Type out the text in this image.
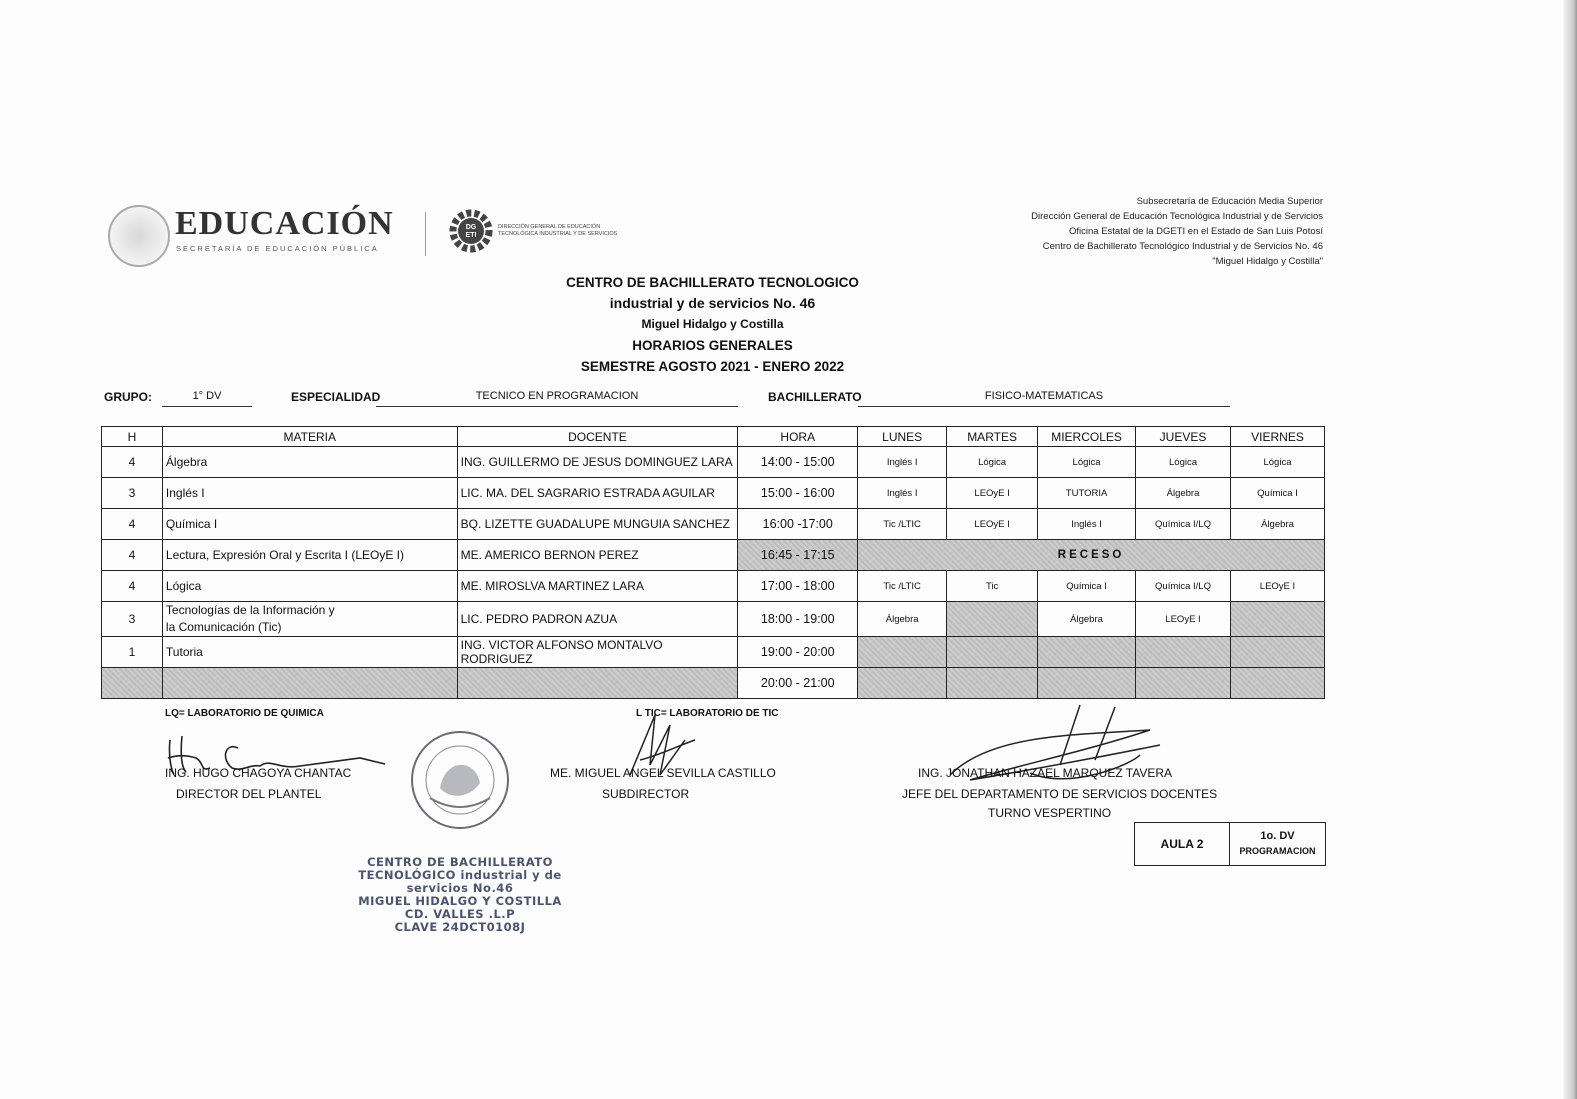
EDUCACIÓN
SECRETARÍA DE EDUCACIÓN PÚBLICA
DG
ETI
DIRECCIÓN GENERAL DE EDUCACIÓN
TECNOLÓGICA INDUSTRIAL Y DE SERVICIOS
Subsecretaría de Educación Media Superior
Dirección General de Educación Tecnológica Industrial y de Servicios
Oficina Estatal de la DGETI en el Estado de San Luis Potosí
Centro de Bachillerato Tecnológico Industrial y de Servicios No. 46
"Miguel Hidalgo y Costilla"
CENTRO DE BACHILLERATO TECNOLOGICO
industrial y de servicios No. 46
Miguel Hidalgo y Costilla
HORARIOS GENERALES
SEMESTRE AGOSTO 2021 - ENERO 2022
GRUPO:	1° DV	ESPECIALIDAD	TECNICO EN PROGRAMACION	BACHILLERATO	FISICO-MATEMATICAS
H	MATERIA	DOCENTE	HORA	LUNES	MARTES	MIERCOLES	JUEVES	VIERNES
4	Álgebra	ING. GUILLERMO DE JESUS DOMINGUEZ LARA	14:00 - 15:00	Inglés I	Lógica	Lógica	Lógica	Lógica
3	Inglés I	LIC. MA. DEL SAGRARIO ESTRADA AGUILAR	15:00 - 16:00	Inglés I	LEOyE I	TUTORIA	Álgebra	Química I
4	Química I	BQ. LIZETTE GUADALUPE MUNGUIA SANCHEZ	16:00 -17:00	Tic /LTIC	LEOyE I	Inglés I	Química I/LQ	Álgebra
4	Lectura, Expresión Oral y Escrita I (LEOyE I)	ME. AMERICO BERNON PEREZ	16:45 - 17:15	RECESO				
4	Lógica	ME. MIROSLVA MARTINEZ LARA	17:00 - 18:00	Tic /LTIC	Tic	Química I	Química I/LQ	LEOyE I
3	Tecnologías de la Información y
la Comunicación (Tic)	LIC. PEDRO PADRON AZUA	18:00 - 19:00	Álgebra		Álgebra	LEOyE I	
1	Tutoria	ING. VICTOR ALFONSO MONTALVO RODRIGUEZ	19:00 - 20:00					
			20:00 - 21:00					
LQ= LABORATORIO DE QUIMICA	L TIC= LABORATORIO DE TIC
ING. HUGO CHAGOYA CHANTAC
DIRECTOR DEL PLANTEL
ME. MIGUEL ANGEL SEVILLA CASTILLO
SUBDIRECTOR
ING. JONATHAN HAZAEL MARQUEZ TAVERA
JEFE DEL DEPARTAMENTO DE SERVICIOS DOCENTES
TURNO VESPERTINO
CENTRO DE BACHILLERATO
TECNOLÓGICO industrial y de
servicios No.46
MIGUEL HIDALGO Y COSTILLA
CD. VALLES .L.P
CLAVE 24DCT0108J
AULA 2
1o. DV
PROGRAMACION
